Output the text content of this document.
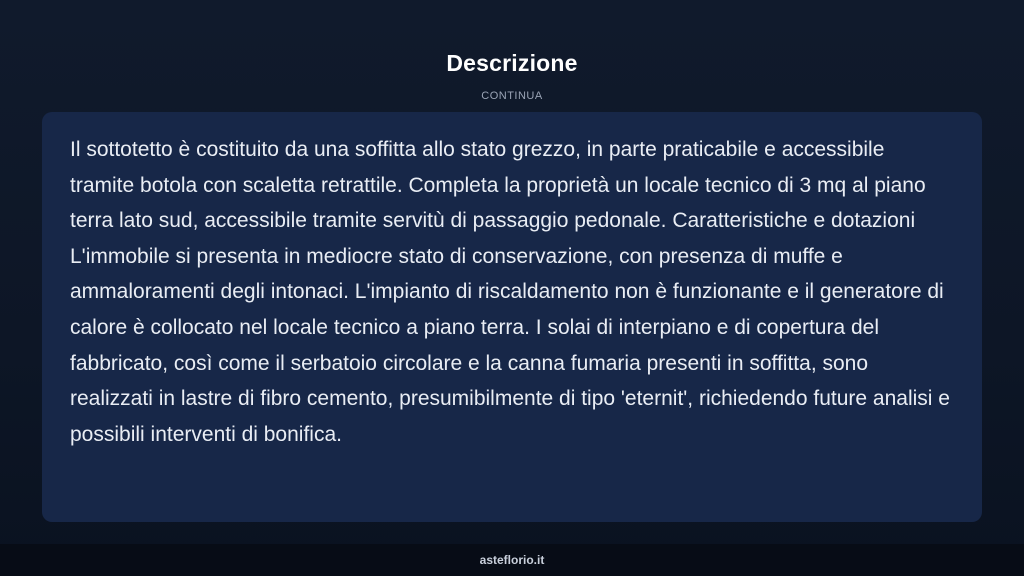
Descrizione
CONTINUA

Il sottotetto è costituito da una soffitta allo stato grezzo, in parte praticabile e accessibile tramite botola con scaletta retrattile. Completa la proprietà un locale tecnico di 3 mq al piano terra lato sud, accessibile tramite servitù di passaggio pedonale. Caratteristiche e dotazioni L'immobile si presenta in mediocre stato di conservazione, con presenza di muffe e ammaloramenti degli intonaci. L'impianto di riscaldamento non è funzionante e il generatore di calore è collocato nel locale tecnico a piano terra. I solai di interpiano e di copertura del fabbricato, così come il serbatoio circolare e la canna fumaria presenti in soffitta, sono realizzati in lastre di fibro cemento, presumibilmente di tipo 'eternit', richiedendo future analisi e possibili interventi di bonifica.

asteflorio.it
